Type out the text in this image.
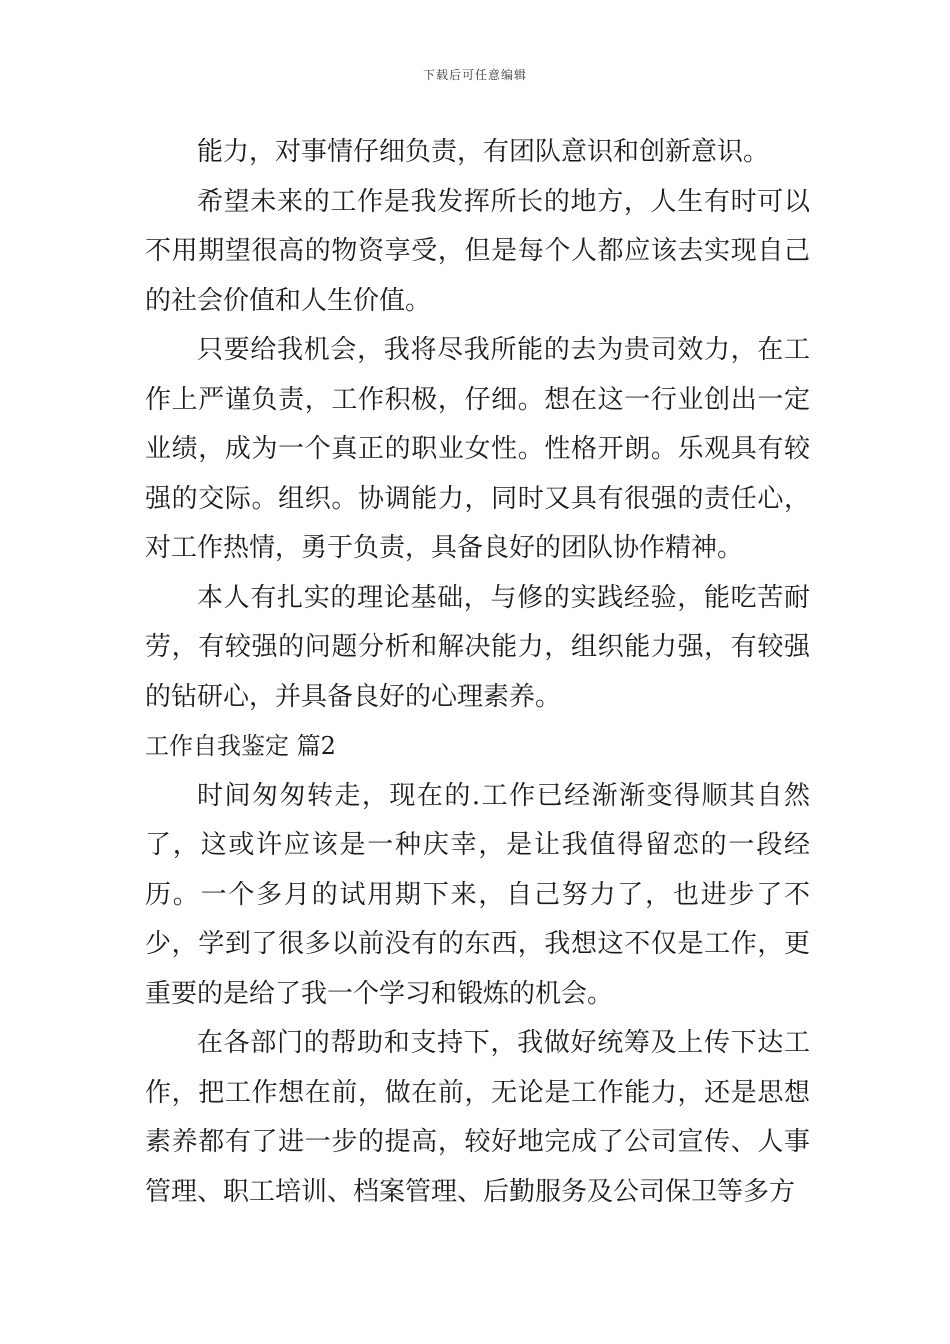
下载后可任意编辑

能力，对事情仔细负责，有团队意识和创新意识。

希望未来的工作是我发挥所长的地方，人生有时可以不用期望很高的物资享受，但是每个人都应该去实现自己的社会价值和人生价值。

只要给我机会，我将尽我所能的去为贵司效力，在工作上严谨负责，工作积极，仔细。想在这一行业创出一定业绩，成为一个真正的职业女性。性格开朗。乐观具有较强的交际。组织。协调能力，同时又具有很强的责任心，对工作热情，勇于负责，具备良好的团队协作精神。

本人有扎实的理论基础，与修的实践经验，能吃苦耐劳，有较强的问题分析和解决能力，组织能力强，有较强的钻研心，并具备良好的心理素养。

工作自我鉴定 篇2

时间匆匆转走，现在的.工作已经渐渐变得顺其自然了，这或许应该是一种庆幸，是让我值得留恋的一段经历。一个多月的试用期下来，自己努力了，也进步了不少，学到了很多以前没有的东西，我想这不仅是工作，更重要的是给了我一个学习和锻炼的机会。

在各部门的帮助和支持下，我做好统筹及上传下达工作，把工作想在前，做在前，无论是工作能力，还是思想素养都有了进一步的提高，较好地完成了公司宣传、人事管理、职工培训、档案管理、后勤服务及公司保卫等多方
